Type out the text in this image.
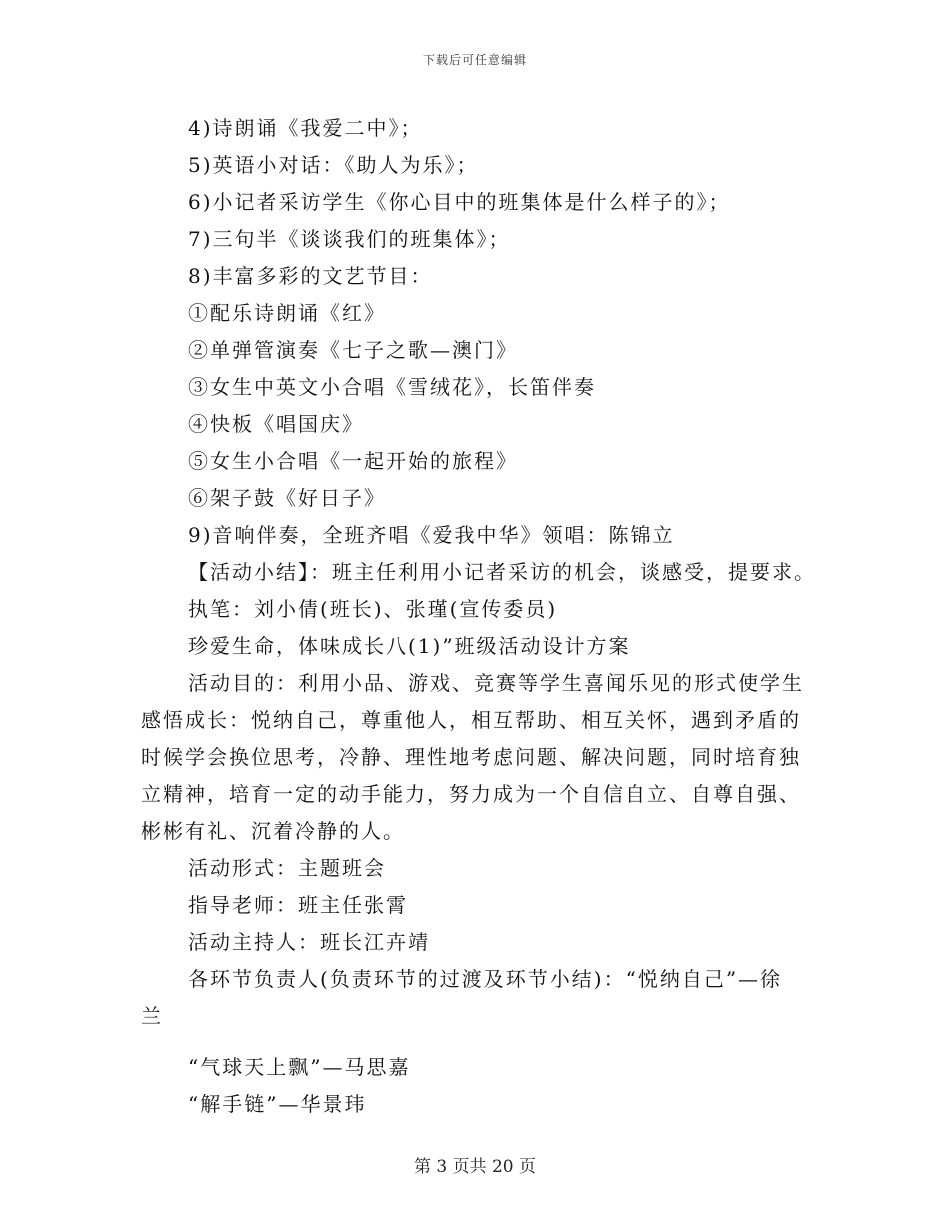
下载后可任意编辑
4)诗朗诵《我爱二中》；
5)英语小对话：《助人为乐》；
6)小记者采访学生《你心目中的班集体是什么样子的》；
7)三句半《谈谈我们的班集体》；
8)丰富多彩的文艺节目：
①配乐诗朗诵《红》
②单弹管演奏《七子之歌—澳门》
③女生中英文小合唱《雪绒花》，长笛伴奏
④快板《唱国庆》
⑤女生小合唱《一起开始的旅程》
⑥架子鼓《好日子》
9)音响伴奏，全班齐唱《爱我中华》领唱：陈锦立
【活动小结】：班主任利用小记者采访的机会，谈感受，提要求。
执笔：刘小倩(班长)、张瑾(宣传委员)
珍爱生命，体味成长八(1)”班级活动设计方案
活动目的：利用小品、游戏、竞赛等学生喜闻乐见的形式使学生
感悟成长：悦纳自己，尊重他人，相互帮助、相互关怀，遇到矛盾的
时候学会换位思考，冷静、理性地考虑问题、解决问题，同时培育独
立精神，培育一定的动手能力，努力成为一个自信自立、自尊自强、
彬彬有礼、沉着冷静的人。
活动形式：主题班会
指导老师：班主任张霄
活动主持人：班长江卉靖
各环节负责人(负责环节的过渡及环节小结)：“悦纳自己”—徐
兰
“气球天上飘”—马思嘉
“解手链”—华景玮
第 3 页共 20 页
